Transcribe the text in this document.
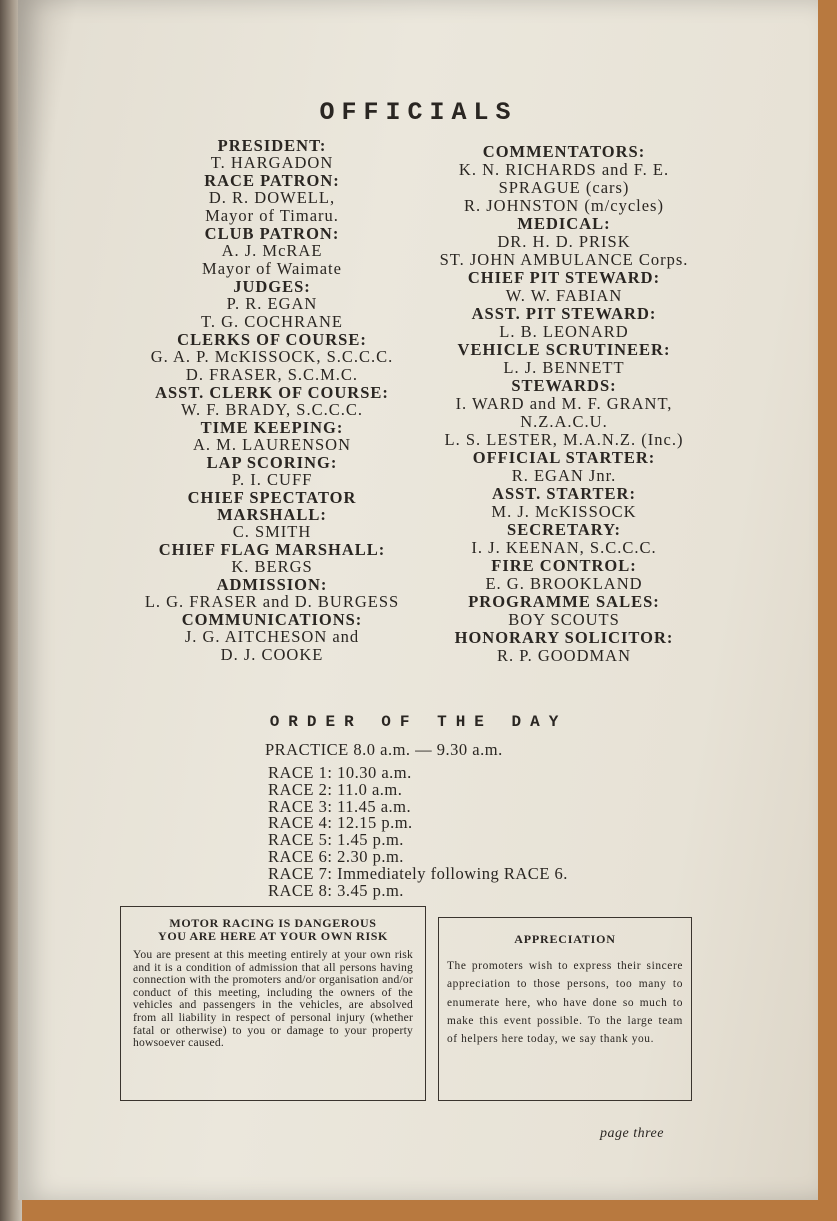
OFFICIALS
PRESIDENT:
T. HARGADON
RACE PATRON:
D. R. DOWELL,
Mayor of Timaru.
CLUB PATRON:
A. J. McRAE
Mayor of Waimate
JUDGES:
P. R. EGAN
T. G. COCHRANE
CLERKS OF COURSE:
G. A. P. McKISSOCK, S.C.C.C.
D. FRASER, S.C.M.C.
ASST. CLERK OF COURSE:
W. F. BRADY, S.C.C.C.
TIME KEEPING:
A. M. LAURENSON
LAP SCORING:
P. I. CUFF
CHIEF SPECTATOR
MARSHALL:
C. SMITH
CHIEF FLAG MARSHALL:
K. BERGS
ADMISSION:
L. G. FRASER and D. BURGESS
COMMUNICATIONS:
J. G. AITCHESON and
D. J. COOKE
COMMENTATORS:
K. N. RICHARDS and F. E.
SPRAGUE (cars)
R. JOHNSTON (m/cycles)
MEDICAL:
DR. H. D. PRISK
ST. JOHN AMBULANCE Corps.
CHIEF PIT STEWARD:
W. W. FABIAN
ASST. PIT STEWARD:
L. B. LEONARD
VEHICLE SCRUTINEER:
L. J. BENNETT
STEWARDS:
I. WARD and M. F. GRANT,
N.Z.A.C.U.
L. S. LESTER, M.A.N.Z. (Inc.)
OFFICIAL STARTER:
R. EGAN Jnr.
ASST. STARTER:
M. J. McKISSOCK
SECRETARY:
I. J. KEENAN, S.C.C.C.
FIRE CONTROL:
E. G. BROOKLAND
PROGRAMME SALES:
BOY SCOUTS
HONORARY SOLICITOR:
R. P. GOODMAN
ORDER OF THE DAY
PRACTICE 8.0 a.m. — 9.30 a.m.
RACE 1: 10.30 a.m.
RACE 2: 11.0 a.m.
RACE 3: 11.45 a.m.
RACE 4: 12.15 p.m.
RACE 5: 1.45 p.m.
RACE 6: 2.30 p.m.
RACE 7: Immediately following RACE 6.
RACE 8: 3.45 p.m.
MOTOR RACING IS DANGEROUS
YOU ARE HERE AT YOUR OWN RISK
You are present at this meeting entirely at your own risk and it is a condition of admission that all persons having connection with the promoters and/or organisation and/or conduct of this meeting, including the owners of the vehicles and passengers in the vehicles, are absolved from all liability in respect of personal injury (whether fatal or otherwise) to you or damage to your property howsoever caused.
APPRECIATION
The promoters wish to express their sincere appreciation to those persons, too many to enumerate here, who have done so much to make this event possible. To the large team of helpers here today, we say thank you.
page three
